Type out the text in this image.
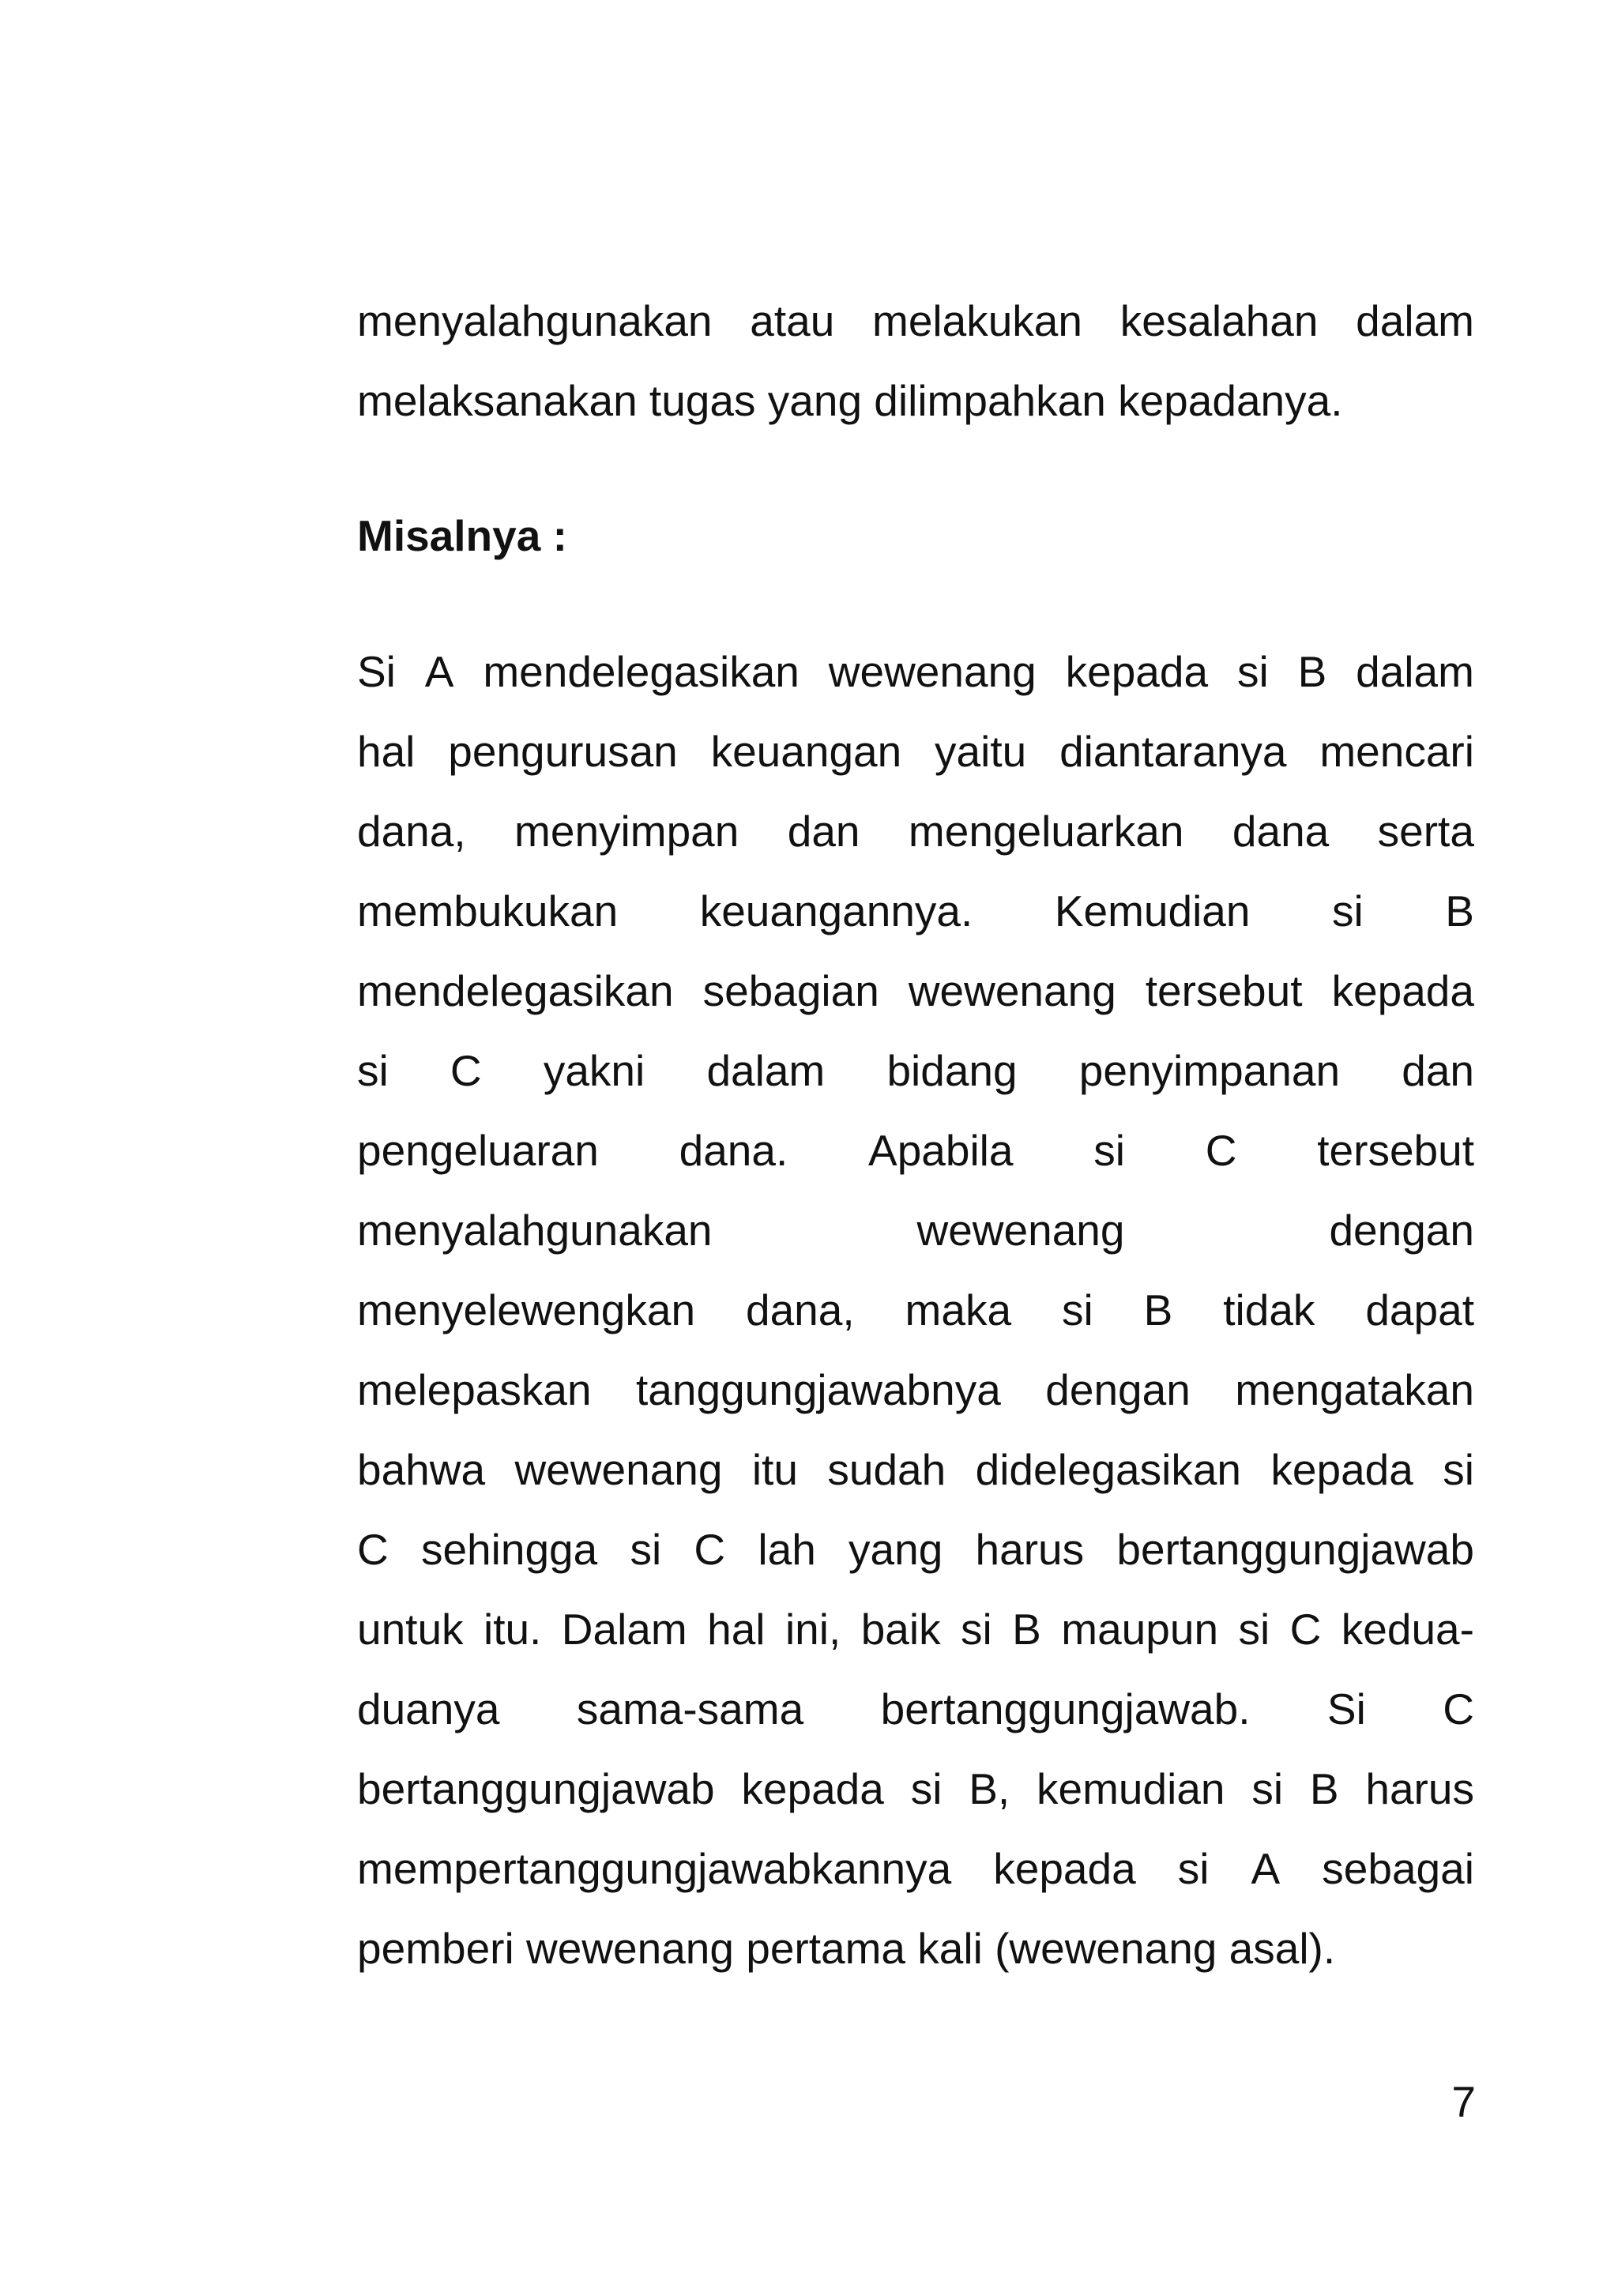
menyalahgunakan atau melakukan kesalahan dalam
melaksanakan tugas yang dilimpahkan kepadanya.
Misalnya :
Si A mendelegasikan wewenang kepada si B dalam
hal pengurusan keuangan yaitu diantaranya mencari
dana, menyimpan dan mengeluarkan dana serta
membukukan keuangannya. Kemudian si B
mendelegasikan sebagian wewenang tersebut kepada
si C yakni dalam bidang penyimpanan dan
pengeluaran dana. Apabila si C tersebut
menyalahgunakan	wewenang	dengan
menyelewengkan dana, maka si B tidak dapat
melepaskan tanggungjawabnya dengan mengatakan
bahwa wewenang itu sudah didelegasikan kepada si
C sehingga si C lah yang harus bertanggungjawab
untuk itu. Dalam hal ini, baik si B maupun si C kedua-
duanya sama-sama bertanggungjawab. Si C
bertanggungjawab kepada si B, kemudian si B harus
mempertanggungjawabkannya kepada si A sebagai
pemberi wewenang pertama kali (wewenang asal).
7
